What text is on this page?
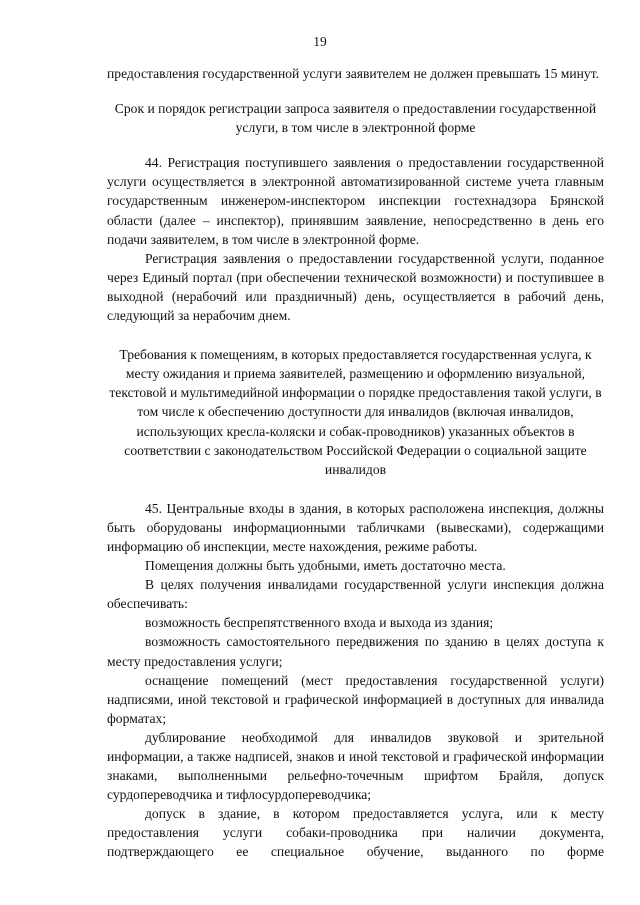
19

предоставления государственной услуги заявителем не должен превышать 15 минут.

Срок и порядок регистрации запроса заявителя о предоставлении государственной услуги, в том числе в электронной форме

44. Регистрация поступившего заявления о предоставлении государственной услуги осуществляется в электронной автоматизированной системе учета главным государственным инженером-инспектором инспекции гостехнадзора Брянской области (далее – инспектор), принявшим заявление, непосредственно в день его подачи заявителем, в том числе в электронной форме.

Регистрация заявления о предоставлении государственной услуги, поданное через Единый портал (при обеспечении технической возможности) и поступившее в выходной (нерабочий или праздничный) день, осуществляется в рабочий день, следующий за нерабочим днем.

Требования к помещениям, в которых предоставляется государственная услуга, к месту ожидания и приема заявителей, размещению и оформлению визуальной, текстовой и мультимедийной информации о порядке предоставления такой услуги, в том числе к обеспечению доступности для инвалидов (включая инвалидов, использующих кресла-коляски и собак-проводников) указанных объектов в соответствии с законодательством Российской Федерации о социальной защите инвалидов

45. Центральные входы в здания, в которых расположена инспекция, должны быть оборудованы информационными табличками (вывесками), содержащими информацию об инспекции, месте нахождения, режиме работы.

Помещения должны быть удобными, иметь достаточно места.

В целях получения инвалидами государственной услуги инспекция должна обеспечивать:

возможность беспрепятственного входа и выхода из здания;

возможность самостоятельного передвижения по зданию в целях доступа к месту предоставления услуги;

оснащение помещений (мест предоставления государственной услуги) надписями, иной текстовой и графической информацией в доступных для инвалида форматах;

дублирование необходимой для инвалидов звуковой и зрительной информации, а также надписей, знаков и иной текстовой и графической информации знаками, выполненными рельефно-точечным шрифтом Брайля, допуск сурдопереводчика и тифлосурдопереводчика;

допуск в здание, в котором предоставляется услуга, или к месту предоставления услуги собаки-проводника при наличии документа, подтверждающего ее специальное обучение, выданного по форме
